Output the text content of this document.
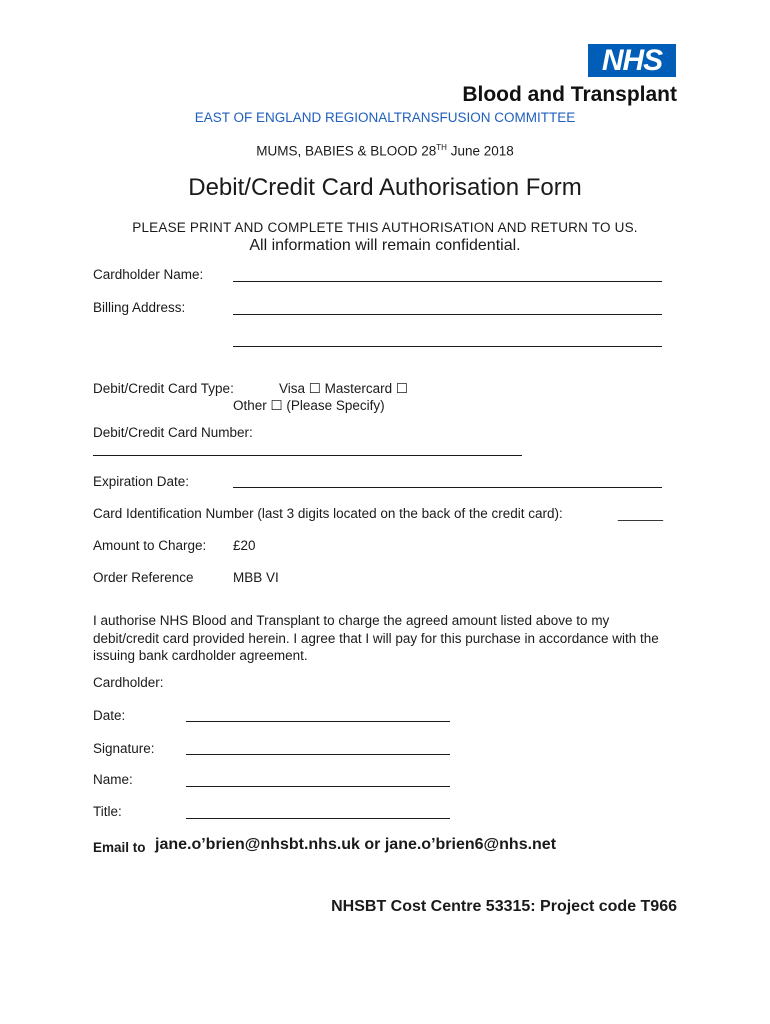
NHS
Blood and Transplant
EAST OF ENGLAND REGIONALTRANSFUSION COMMITTEE
MUMS, BABIES & BLOOD 28TH June 2018
Debit/Credit Card Authorisation Form
PLEASE PRINT AND COMPLETE THIS AUTHORISATION AND RETURN TO US.
All information will remain confidential.
Cardholder Name:
Billing Address:
Debit/Credit Card Type:	Visa ☐ Mastercard ☐
Other ☐ (Please Specify)
Debit/Credit Card Number:
Expiration Date:
Card Identification Number (last 3 digits located on the back of the credit card):	______
Amount to Charge: £20
Order Reference	MBB VI
I authorise NHS Blood and Transplant to charge the agreed amount listed above to my debit/credit card provided herein. I agree that I will pay for this purchase in accordance with the issuing bank cardholder agreement.
Cardholder:
Date:
Signature:
Name:
Title:
Email to jane.o’brien@nhsbt.nhs.uk or jane.o’brien6@nhs.net
NHSBT Cost Centre 53315: Project code T966
